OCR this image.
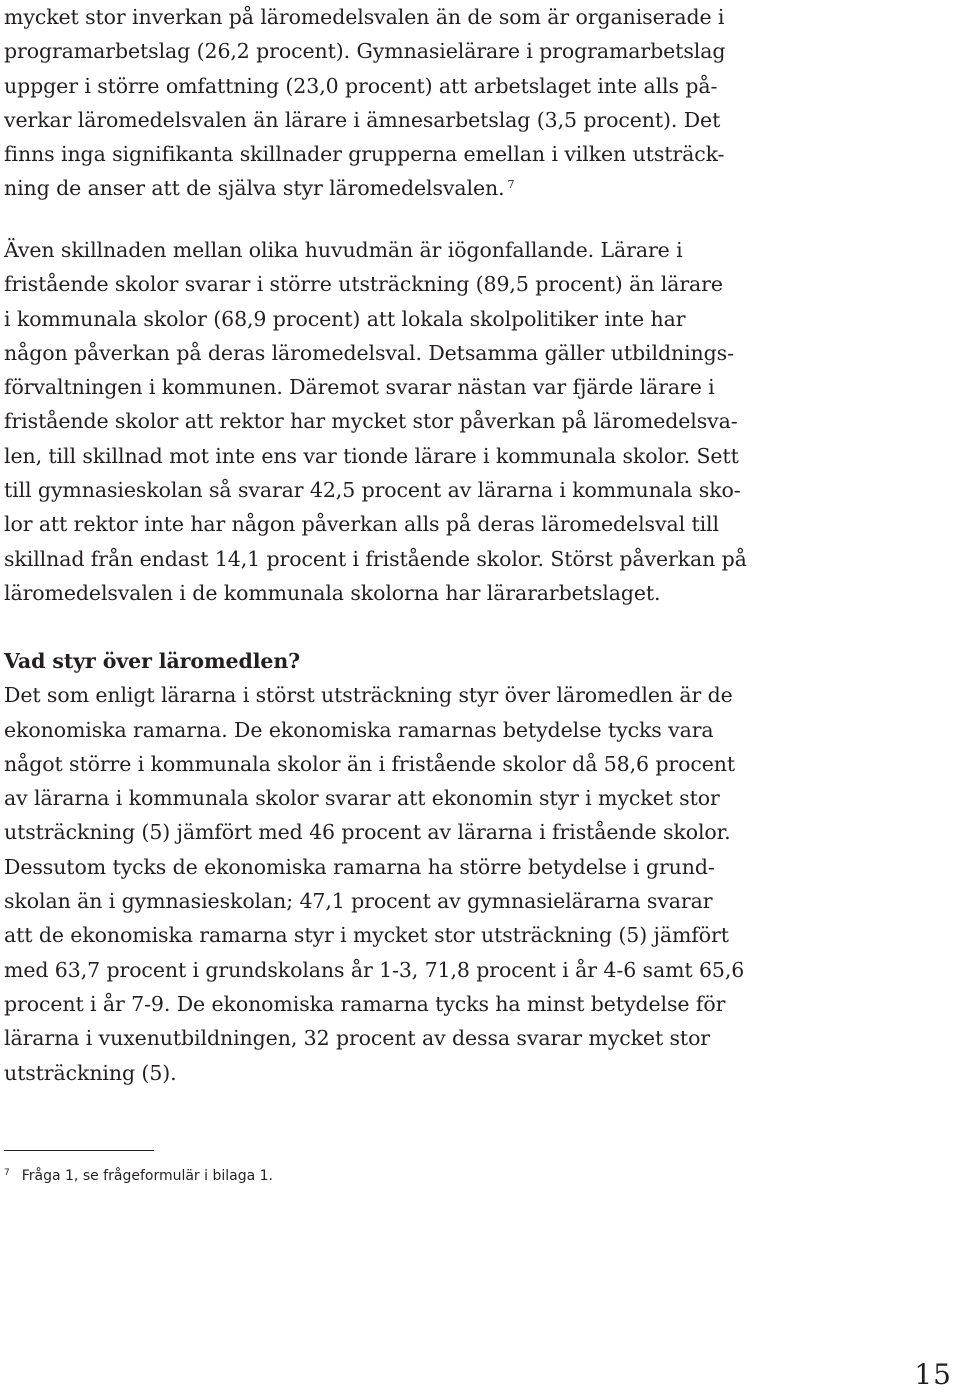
mycket stor inverkan på läromedelsvalen än de som är organiserade i
programarbetslag (26,2 procent). Gymnasielärare i programarbetslag
uppger i större omfattning (23,0 procent) att arbetslaget inte alls på-
verkar läromedelsvalen än lärare i ämnesarbetslag (3,5 procent). Det
finns inga signifikanta skillnader grupperna emellan i vilken utsträck-
ning de anser att de själva styr läromedelsvalen. $^7$
Även skillnaden mellan olika huvudmän är iögonfallande. Lärare i
fristående skolor svarar i större utsträckning (89,5 procent) än lärare
i kommunala skolor (68,9 procent) att lokala skolpolitiker inte har
någon påverkan på deras läromedelsval. Detsamma gäller utbildnings-
förvaltningen i kommunen. Däremot svarar nästan var fjärde lärare i
fristående skolor att rektor har mycket stor påverkan på läromedelsva-
len, till skillnad mot inte ens var tionde lärare i kommunala skolor. Sett
till gymnasieskolan så svarar 42,5 procent av lärarna i kommunala sko-
lor att rektor inte har någon påverkan alls på deras läromedelsval till
skillnad från endast 14,1 procent i fristående skolor. Störst påverkan på
läromedelsvalen i de kommunala skolorna har lärararbetslaget.
Vad styr över läromedlen?
Det som enligt lärarna i störst utsträckning styr över läromedlen är de
ekonomiska ramarna. De ekonomiska ramarnas betydelse tycks vara
något större i kommunala skolor än i fristående skolor då 58,6 procent
av lärarna i kommunala skolor svarar att ekonomin styr i mycket stor
utsträckning (5) jämfört med 46 procent av lärarna i fristående skolor.
Dessutom tycks de ekonomiska ramarna ha större betydelse i grund-
skolan än i gymnasieskolan; 47,1 procent av gymnasielärarna svarar
att de ekonomiska ramarna styr i mycket stor utsträckning (5) jämfört
med 63,7 procent i grundskolans år 1-3, 71,8 procent i år 4-6 samt 65,6
procent i år 7-9. De ekonomiska ramarna tycks ha minst betydelse för
lärarna i vuxenutbildningen, 32 procent av dessa svarar mycket stor
utsträckning (5).
$^7$ Fråga 1, se frågeformulär i bilaga 1.
15
